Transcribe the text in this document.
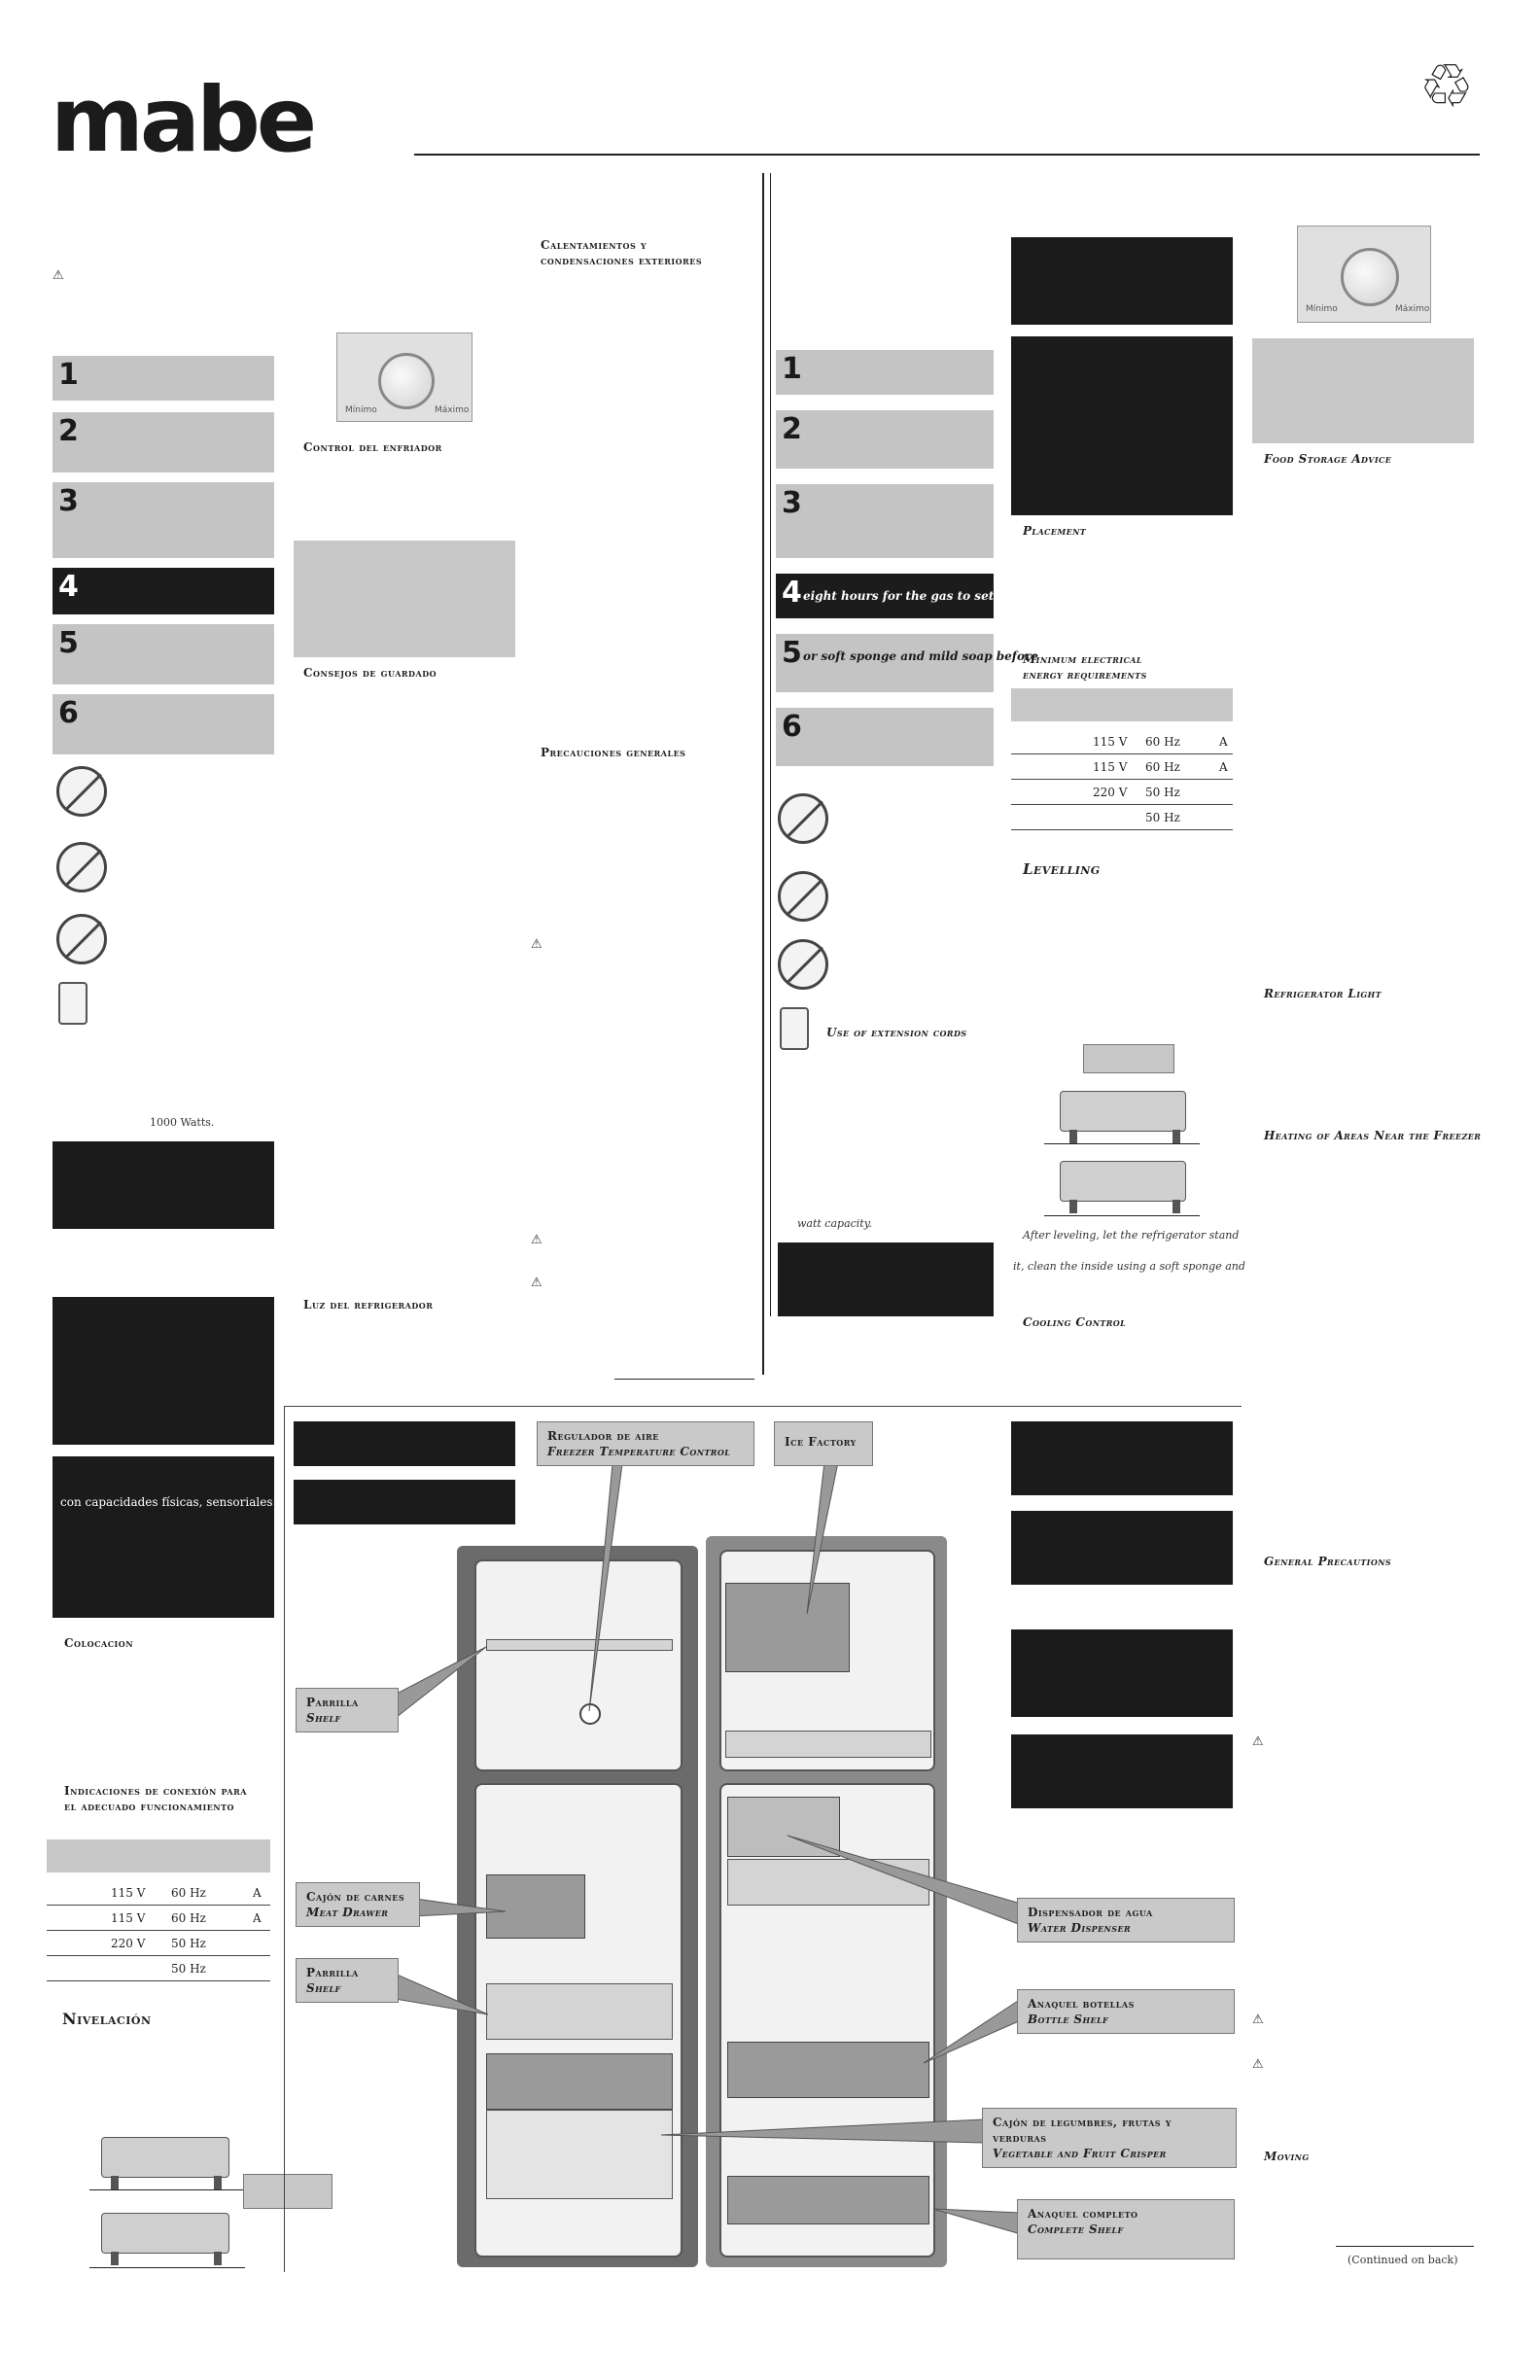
mabe	♲
⚠
1
2
3
4
5
6
1000 Watts.
con capacidades físicas, sensoriales o
Colocacion
Indicaciones de conexión para
el adecuado funcionamiento
	115 V	60 Hz	A
	115 V	60 Hz	A
	220 V	50 Hz	
		50 Hz	
Nivelación
Mínimo	Máximo
Control del enfriador
Consejos de guardado
Luz del refrigerador
Calentamientos y
condensaciones exteriores
Precauciones generales
⚠
⚠
⚠
1
2
3
4 eight hours for the gas to settle.
5 or soft sponge and mild soap before
6
Use of extension cords
watt capacity.
Placement
Minimum electrical
energy requirements
	115 V	60 Hz	A
	115 V	60 Hz	A
	220 V	50 Hz	
		50 Hz	
Levelling
After leveling, let the refrigerator stand
it, clean the inside using a soft sponge and
Cooling Control
Mínimo	Máximo
Food Storage Advice
Refrigerator Light
Heating of Areas Near the Freezer
General Precautions
⚠
⚠
⚠
Moving
(Continued on back)
Regulador de aire
Freezer Temperature Control
Ice Factory
Parrilla
Shelf
Cajón de carnes
Meat Drawer
Parrilla
Shelf
Dispensador de agua
Water Dispenser
Anaquel botellas
Bottle Shelf
Cajón de legumbres, frutas y verduras
Vegetable and Fruit Crisper
Anaquel completo
Complete Shelf
